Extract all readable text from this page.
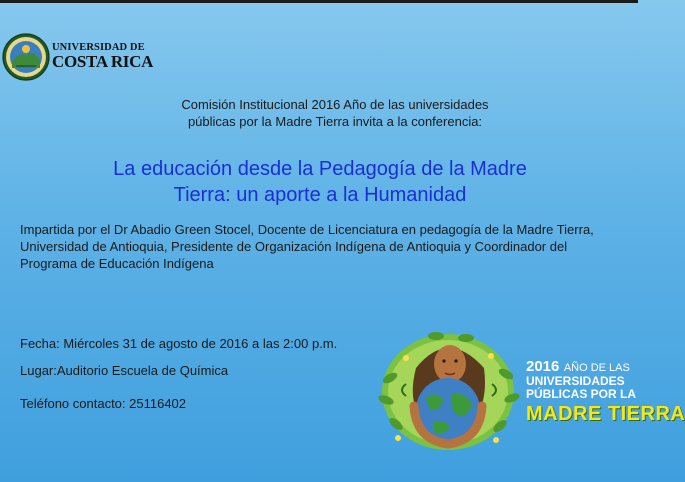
UNIVERSIDAD DE
COSTA RICA
Comisión Institucional 2016 Año de las universidades
públicas por la Madre Tierra invita a la conferencia:
La educación desde la Pedagogía de la Madre
Tierra: un aporte a la Humanidad
Impartida por el Dr Abadio Green Stocel, Docente de Licenciatura en pedagogía de la Madre Tierra, Universidad de Antioquia, Presidente de Organización Indígena de Antioquia y Coordinador del Programa de Educación Indígena
Fecha: Miércoles 31 de agosto de 2016 a las 2:00 p.m.
Lugar:Auditorio Escuela de Química
Teléfono contacto: 25116402
2016 AÑO DE LAS
UNIVERSIDADES
PÚBLICAS POR LA
MADRE TIERRA
